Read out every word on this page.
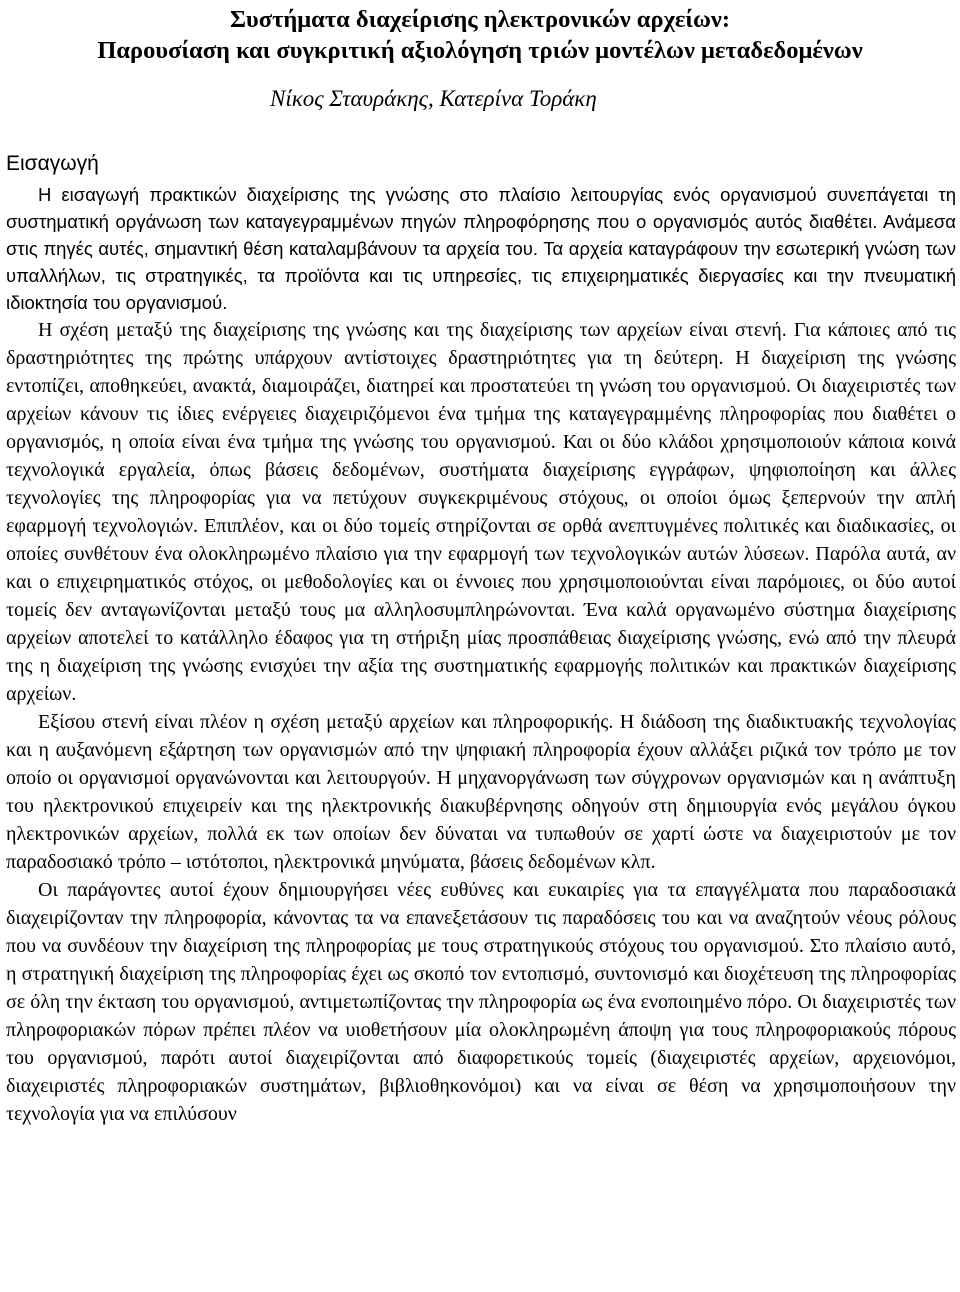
Συστήματα διαχείρισης ηλεκτρονικών αρχείων:
Παρουσίαση και συγκριτική αξιολόγηση τριών μοντέλων μεταδεδομένων
Νίκος Σταυράκης, Κατερίνα Τοράκη
Εισαγωγή

Η εισαγωγή πρακτικών διαχείρισης της γνώσης στο πλαίσιο λειτουργίας ενός οργανισμού συνεπάγεται τη συστηματική οργάνωση των καταγεγραμμένων πηγών πληροφόρησης που ο οργανισμός αυτός διαθέτει. Ανάμεσα στις πηγές αυτές, σημαντική θέση καταλαμβάνουν τα αρχεία του. Τα αρχεία καταγράφουν την εσωτερική γνώση των υπαλλήλων, τις στρατηγικές, τα προϊόντα και τις υπηρεσίες, τις επιχειρηματικές διεργασίες και την πνευματική ιδιοκτησία του οργανισμού.

Η σχέση μεταξύ της διαχείρισης της γνώσης και της διαχείρισης των αρχείων είναι στενή. Για κάποιες από τις δραστηριότητες της πρώτης υπάρχουν αντίστοιχες δραστηριότητες για τη δεύτερη. Η διαχείριση της γνώσης εντοπίζει, αποθηκεύει, ανακτά, διαμοιράζει, διατηρεί και προστατεύει τη γνώση του οργανισμού. Οι διαχειριστές των αρχείων κάνουν τις ίδιες ενέργειες διαχειριζόμενοι ένα τμήμα της καταγεγραμμένης πληροφορίας που διαθέτει ο οργανισμός, η οποία είναι ένα τμήμα της γνώσης του οργανισμού. Και οι δύο κλάδοι χρησιμοποιούν κάποια κοινά τεχνολογικά εργαλεία, όπως βάσεις δεδομένων, συστήματα διαχείρισης εγγράφων, ψηφιοποίηση και άλλες τεχνολογίες της πληροφορίας για να πετύχουν συγκεκριμένους στόχους, οι οποίοι όμως ξεπερνούν την απλή εφαρμογή τεχνολογιών. Επιπλέον, και οι δύο τομείς στηρίζονται σε ορθά ανεπτυγμένες πολιτικές και διαδικασίες, οι οποίες συνθέτουν ένα ολοκληρωμένο πλαίσιο για την εφαρμογή των τεχνολογικών αυτών λύσεων. Παρόλα αυτά, αν και ο επιχειρηματικός στόχος, οι μεθοδολογίες και οι έννοιες που χρησιμοποιούνται είναι παρόμοιες, οι δύο αυτοί τομείς δεν ανταγωνίζονται μεταξύ τους μα αλληλοσυμπληρώνονται. Ένα καλά οργανωμένο σύστημα διαχείρισης αρχείων αποτελεί το κατάλληλο έδαφος για τη στήριξη μίας προσπάθειας διαχείρισης γνώσης, ενώ από την πλευρά της η διαχείριση της γνώσης ενισχύει την αξία της συστηματικής εφαρμογής πολιτικών και πρακτικών διαχείρισης αρχείων.

Εξίσου στενή είναι πλέον η σχέση μεταξύ αρχείων και πληροφορικής. Η διάδοση της διαδικτυακής τεχνολογίας και η αυξανόμενη εξάρτηση των οργανισμών από την ψηφιακή πληροφορία έχουν αλλάξει ριζικά τον τρόπο με τον οποίο οι οργανισμοί οργανώνονται και λειτουργούν. Η μηχανοργάνωση των σύγχρονων οργανισμών και η ανάπτυξη του ηλεκτρονικού επιχειρείν και της ηλεκτρονικής διακυβέρνησης οδηγούν στη δημιουργία ενός μεγάλου όγκου ηλεκτρονικών αρχείων, πολλά εκ των οποίων δεν δύναται να τυπωθούν σε χαρτί ώστε να διαχειριστούν με τον παραδοσιακό τρόπο – ιστότοποι, ηλεκτρονικά μηνύματα, βάσεις δεδομένων κλπ.

Οι παράγοντες αυτοί έχουν δημιουργήσει νέες ευθύνες και ευκαιρίες για τα επαγγέλματα που παραδοσιακά διαχειρίζονταν την πληροφορία, κάνοντας τα να επανεξετάσουν τις παραδόσεις του και να αναζητούν νέους ρόλους που να συνδέουν την διαχείριση της πληροφορίας με τους στρατηγικούς στόχους του οργανισμού. Στο πλαίσιο αυτό, η στρατηγική διαχείριση της πληροφορίας έχει ως σκοπό τον εντοπισμό, συντονισμό και διοχέτευση της πληροφορίας σε όλη την έκταση του οργανισμού, αντιμετωπίζοντας την πληροφορία ως ένα ενοποιημένο πόρο. Οι διαχειριστές των πληροφοριακών πόρων πρέπει πλέον να υιοθετήσουν μία ολοκληρωμένη άποψη για τους πληροφοριακούς πόρους του οργανισμού, παρότι αυτοί διαχειρίζονται από διαφορετικούς τομείς (διαχειριστές αρχείων, αρχειονόμοι, διαχειριστές πληροφοριακών συστημάτων, βιβλιοθηκονόμοι) και να είναι σε θέση να χρησιμοποιήσουν την τεχνολογία για να επιλύσουν
